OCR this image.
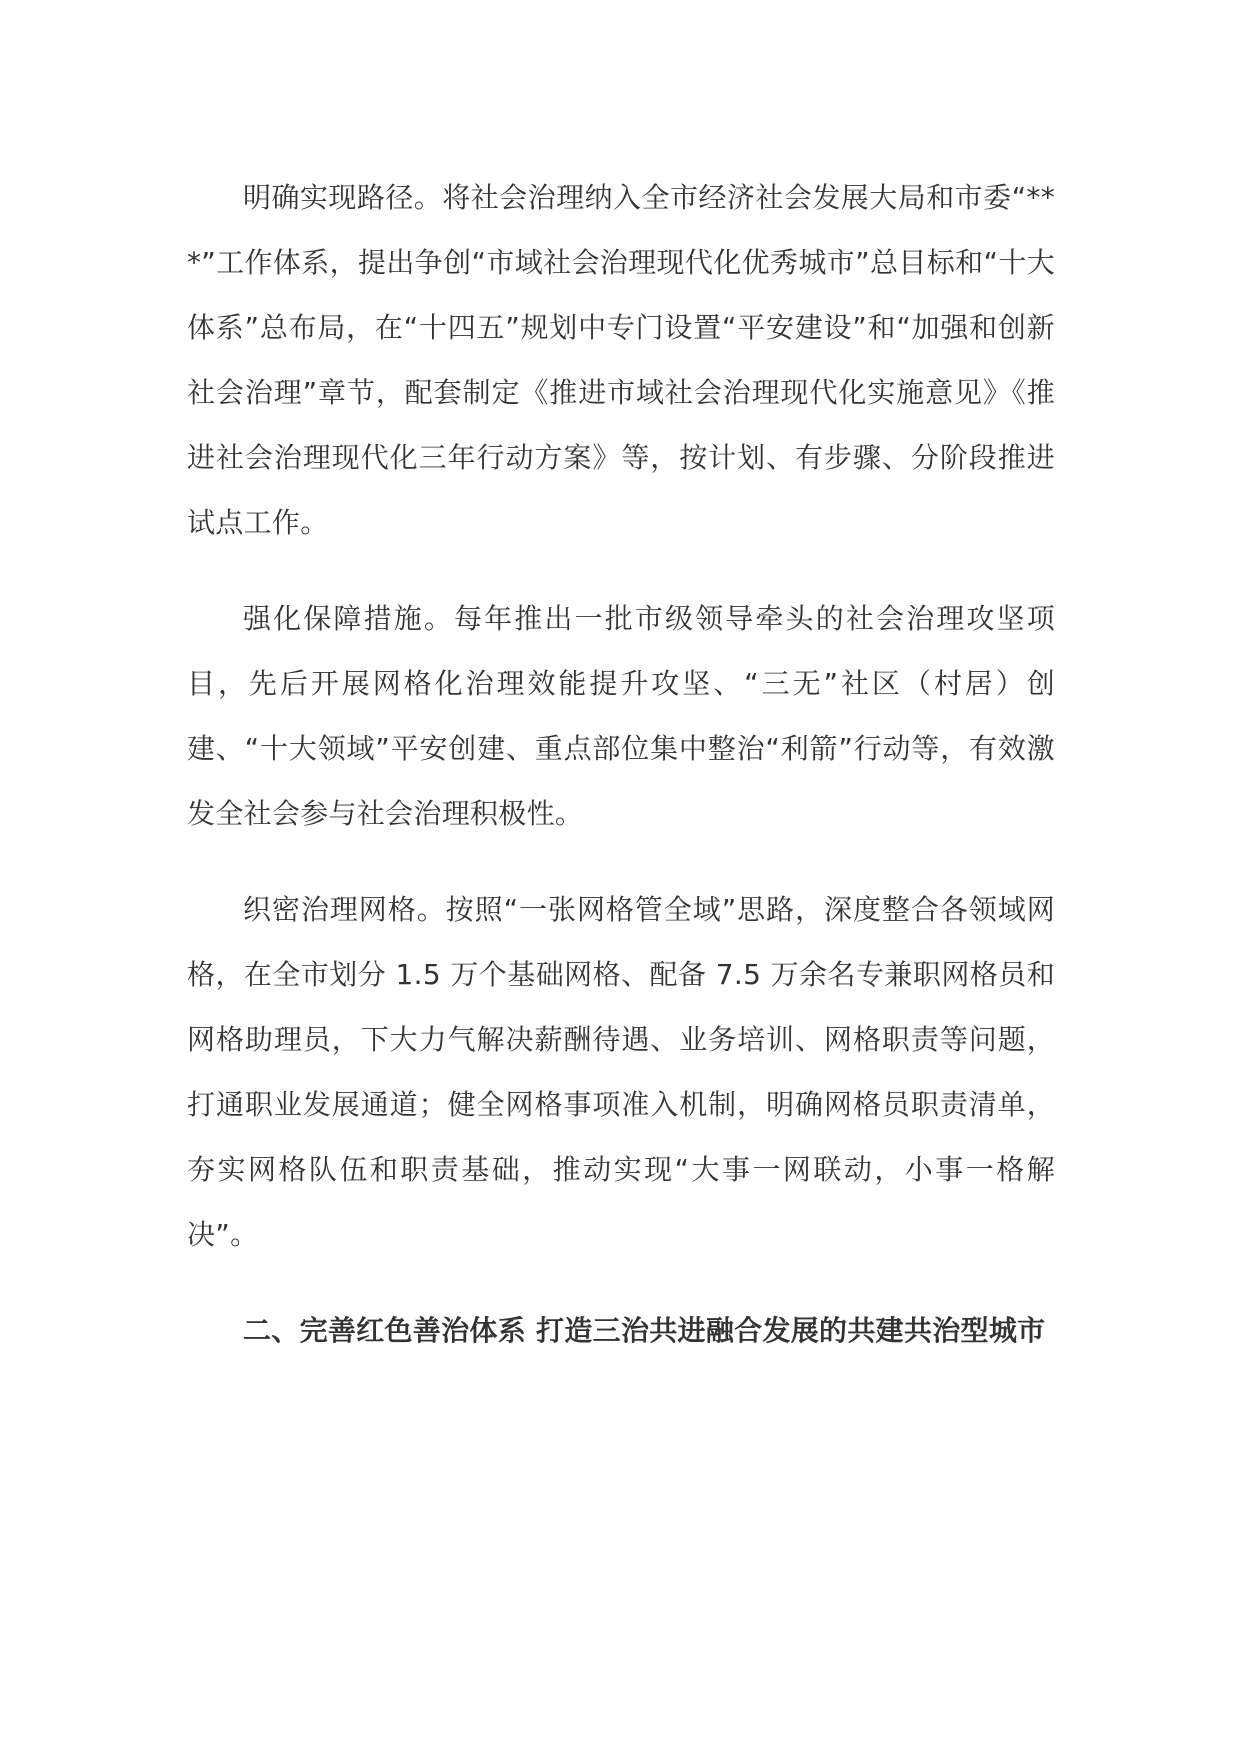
明确实现路径。将社会治理纳入全市经济社会发展大局和市委“***”工作体系，提出争创“市域社会治理现代化优秀城市”总目标和“十大体系”总布局，在“十四五”规划中专门设置“平安建设”和“加强和创新社会治理”章节，配套制定《推进市域社会治理现代化实施意见》《推进社会治理现代化三年行动方案》等，按计划、有步骤、分阶段推进试点工作。

强化保障措施。每年推出一批市级领导牵头的社会治理攻坚项目，先后开展网格化治理效能提升攻坚、“三无”社区（村居）创建、“十大领域”平安创建、重点部位集中整治“利箭”行动等，有效激发全社会参与社会治理积极性。

织密治理网格。按照“一张网格管全域”思路，深度整合各领域网格，在全市划分 1.5 万个基础网格、配备 7.5 万余名专兼职网格员和网格助理员，下大力气解决薪酬待遇、业务培训、网格职责等问题，打通职业发展通道；健全网格事项准入机制，明确网格员职责清单，夯实网格队伍和职责基础，推动实现“大事一网联动，小事一格解决”。

二、完善红色善治体系 打造三治共进融合发展的共建共治型城市
